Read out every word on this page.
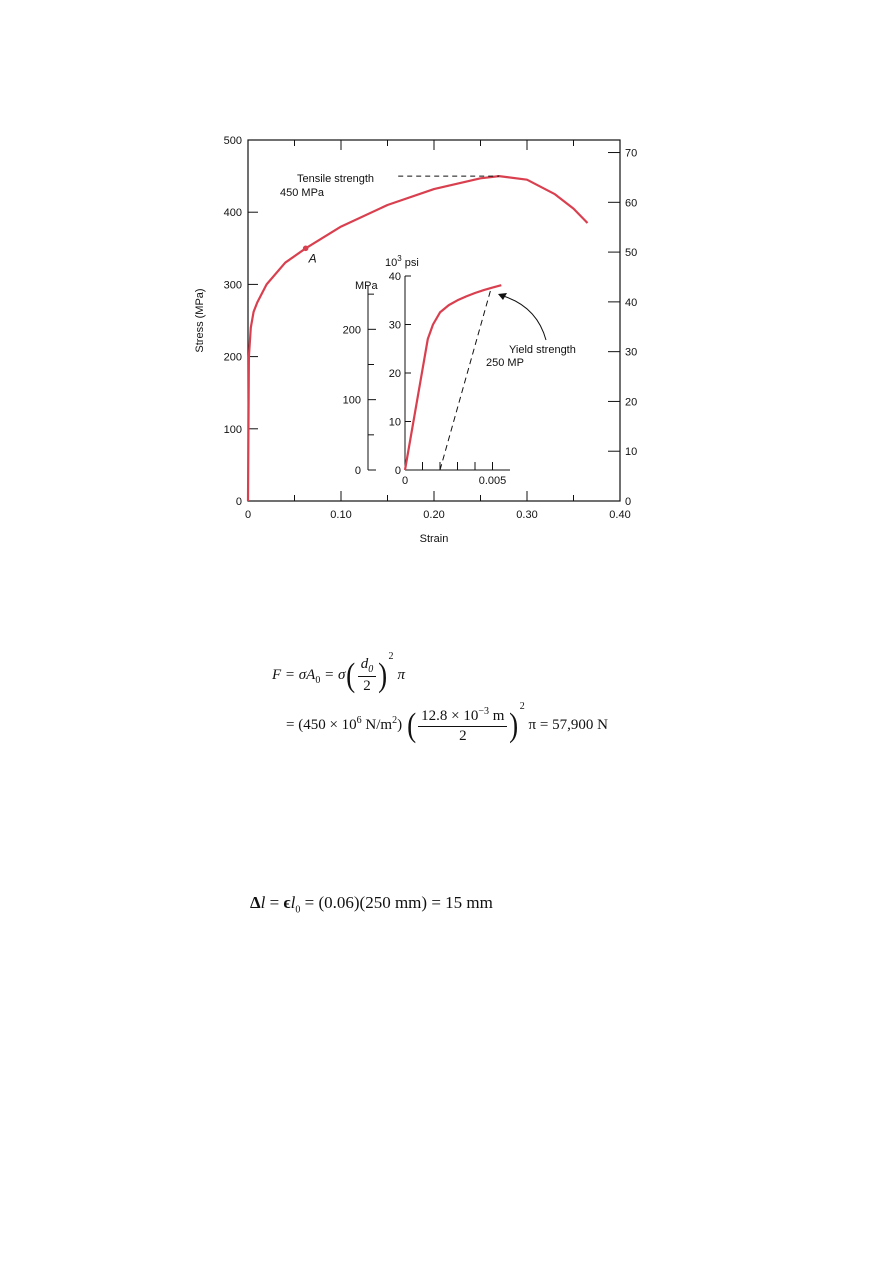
0	0.10	0.20	0.30	0.40
0
100
200
300
400
500
0
10
20
30
40
50
60
70
Strain
Stress (MPa)
0
10
20
30
40
0	0.005
0
100
200
MPa
$10^3$ psi
A
Tensile strength
450 MPa
Yield strength
250 MP
$F = \sigma A_0 = \sigma( \frac{d_0}{2} )^2\pi$
= ($450 \times 10^6$ $N/m^2$) ( $\frac{12.8 \times 10^{-3} m}{2} )^2$ π = 57,900 N
$\Delta l = \epsilon l_0 = (0.06)(250$ mm) = 15 mm
